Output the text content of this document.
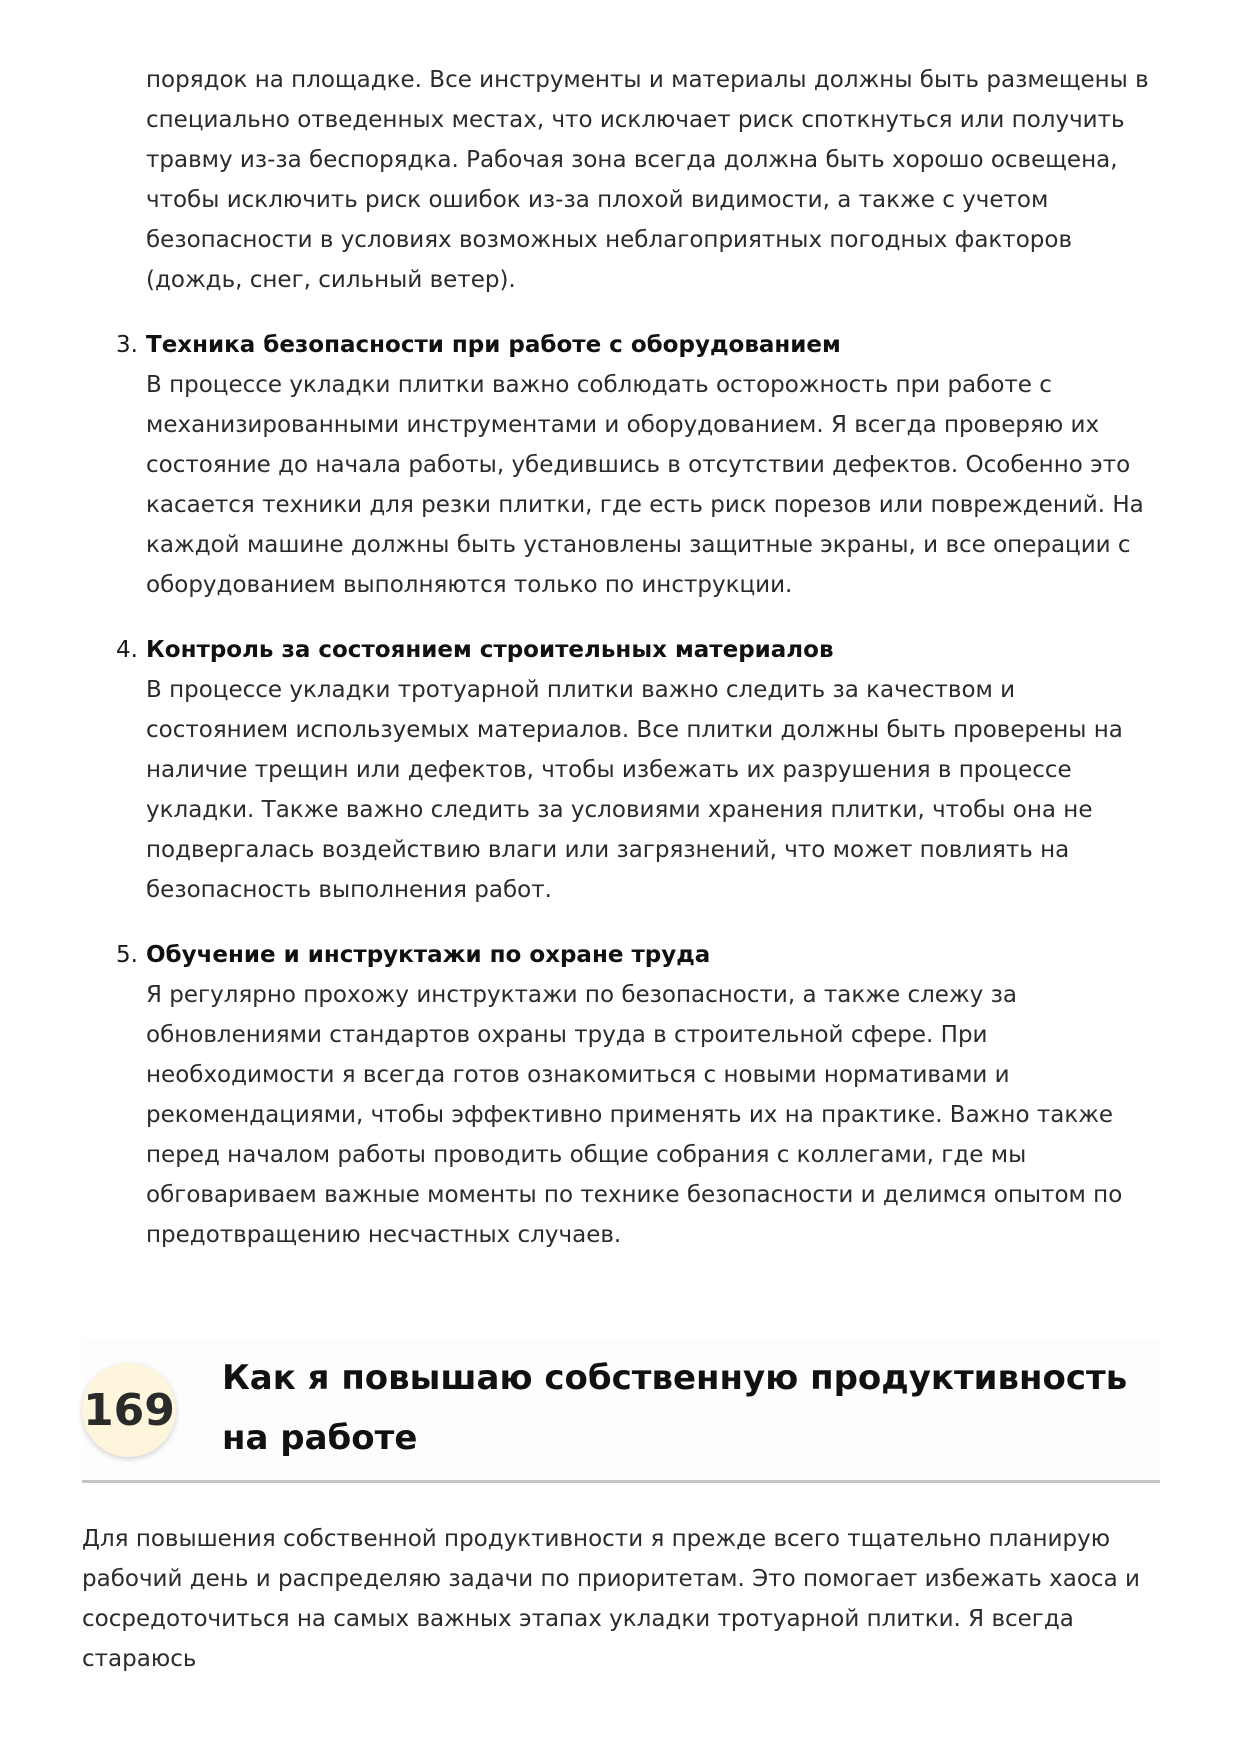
порядок на площадке. Все инструменты и материалы должны быть размещены в специально отведенных местах, что исключает риск споткнуться или получить травму из-за беспорядка. Рабочая зона всегда должна быть хорошо освещена, чтобы исключить риск ошибок из-за плохой видимости, а также с учетом безопасности в условиях возможных неблагоприятных погодных факторов (дождь, снег, сильный ветер).

3. Техника безопасности при работе с оборудованием

В процессе укладки плитки важно соблюдать осторожность при работе с механизированными инструментами и оборудованием. Я всегда проверяю их состояние до начала работы, убедившись в отсутствии дефектов. Особенно это касается техники для резки плитки, где есть риск порезов или повреждений. На каждой машине должны быть установлены защитные экраны, и все операции с оборудованием выполняются только по инструкции.

4. Контроль за состоянием строительных материалов

В процессе укладки тротуарной плитки важно следить за качеством и состоянием используемых материалов. Все плитки должны быть проверены на наличие трещин или дефектов, чтобы избежать их разрушения в процессе укладки. Также важно следить за условиями хранения плитки, чтобы она не подвергалась воздействию влаги или загрязнений, что может повлиять на безопасность выполнения работ.

5. Обучение и инструктажи по охране труда

Я регулярно прохожу инструктажи по безопасности, а также слежу за обновлениями стандартов охраны труда в строительной сфере. При необходимости я всегда готов ознакомиться с новыми нормативами и рекомендациями, чтобы эффективно применять их на практике. Важно также перед началом работы проводить общие собрания с коллегами, где мы обговариваем важные моменты по технике безопасности и делимся опытом по предотвращению несчастных случаев.

169
Как я повышаю собственную продуктивность на работе

Для повышения собственной продуктивности я прежде всего тщательно планирую рабочий день и распределяю задачи по приоритетам. Это помогает избежать хаоса и сосредоточиться на самых важных этапах укладки тротуарной плитки. Я всегда стараюсь
